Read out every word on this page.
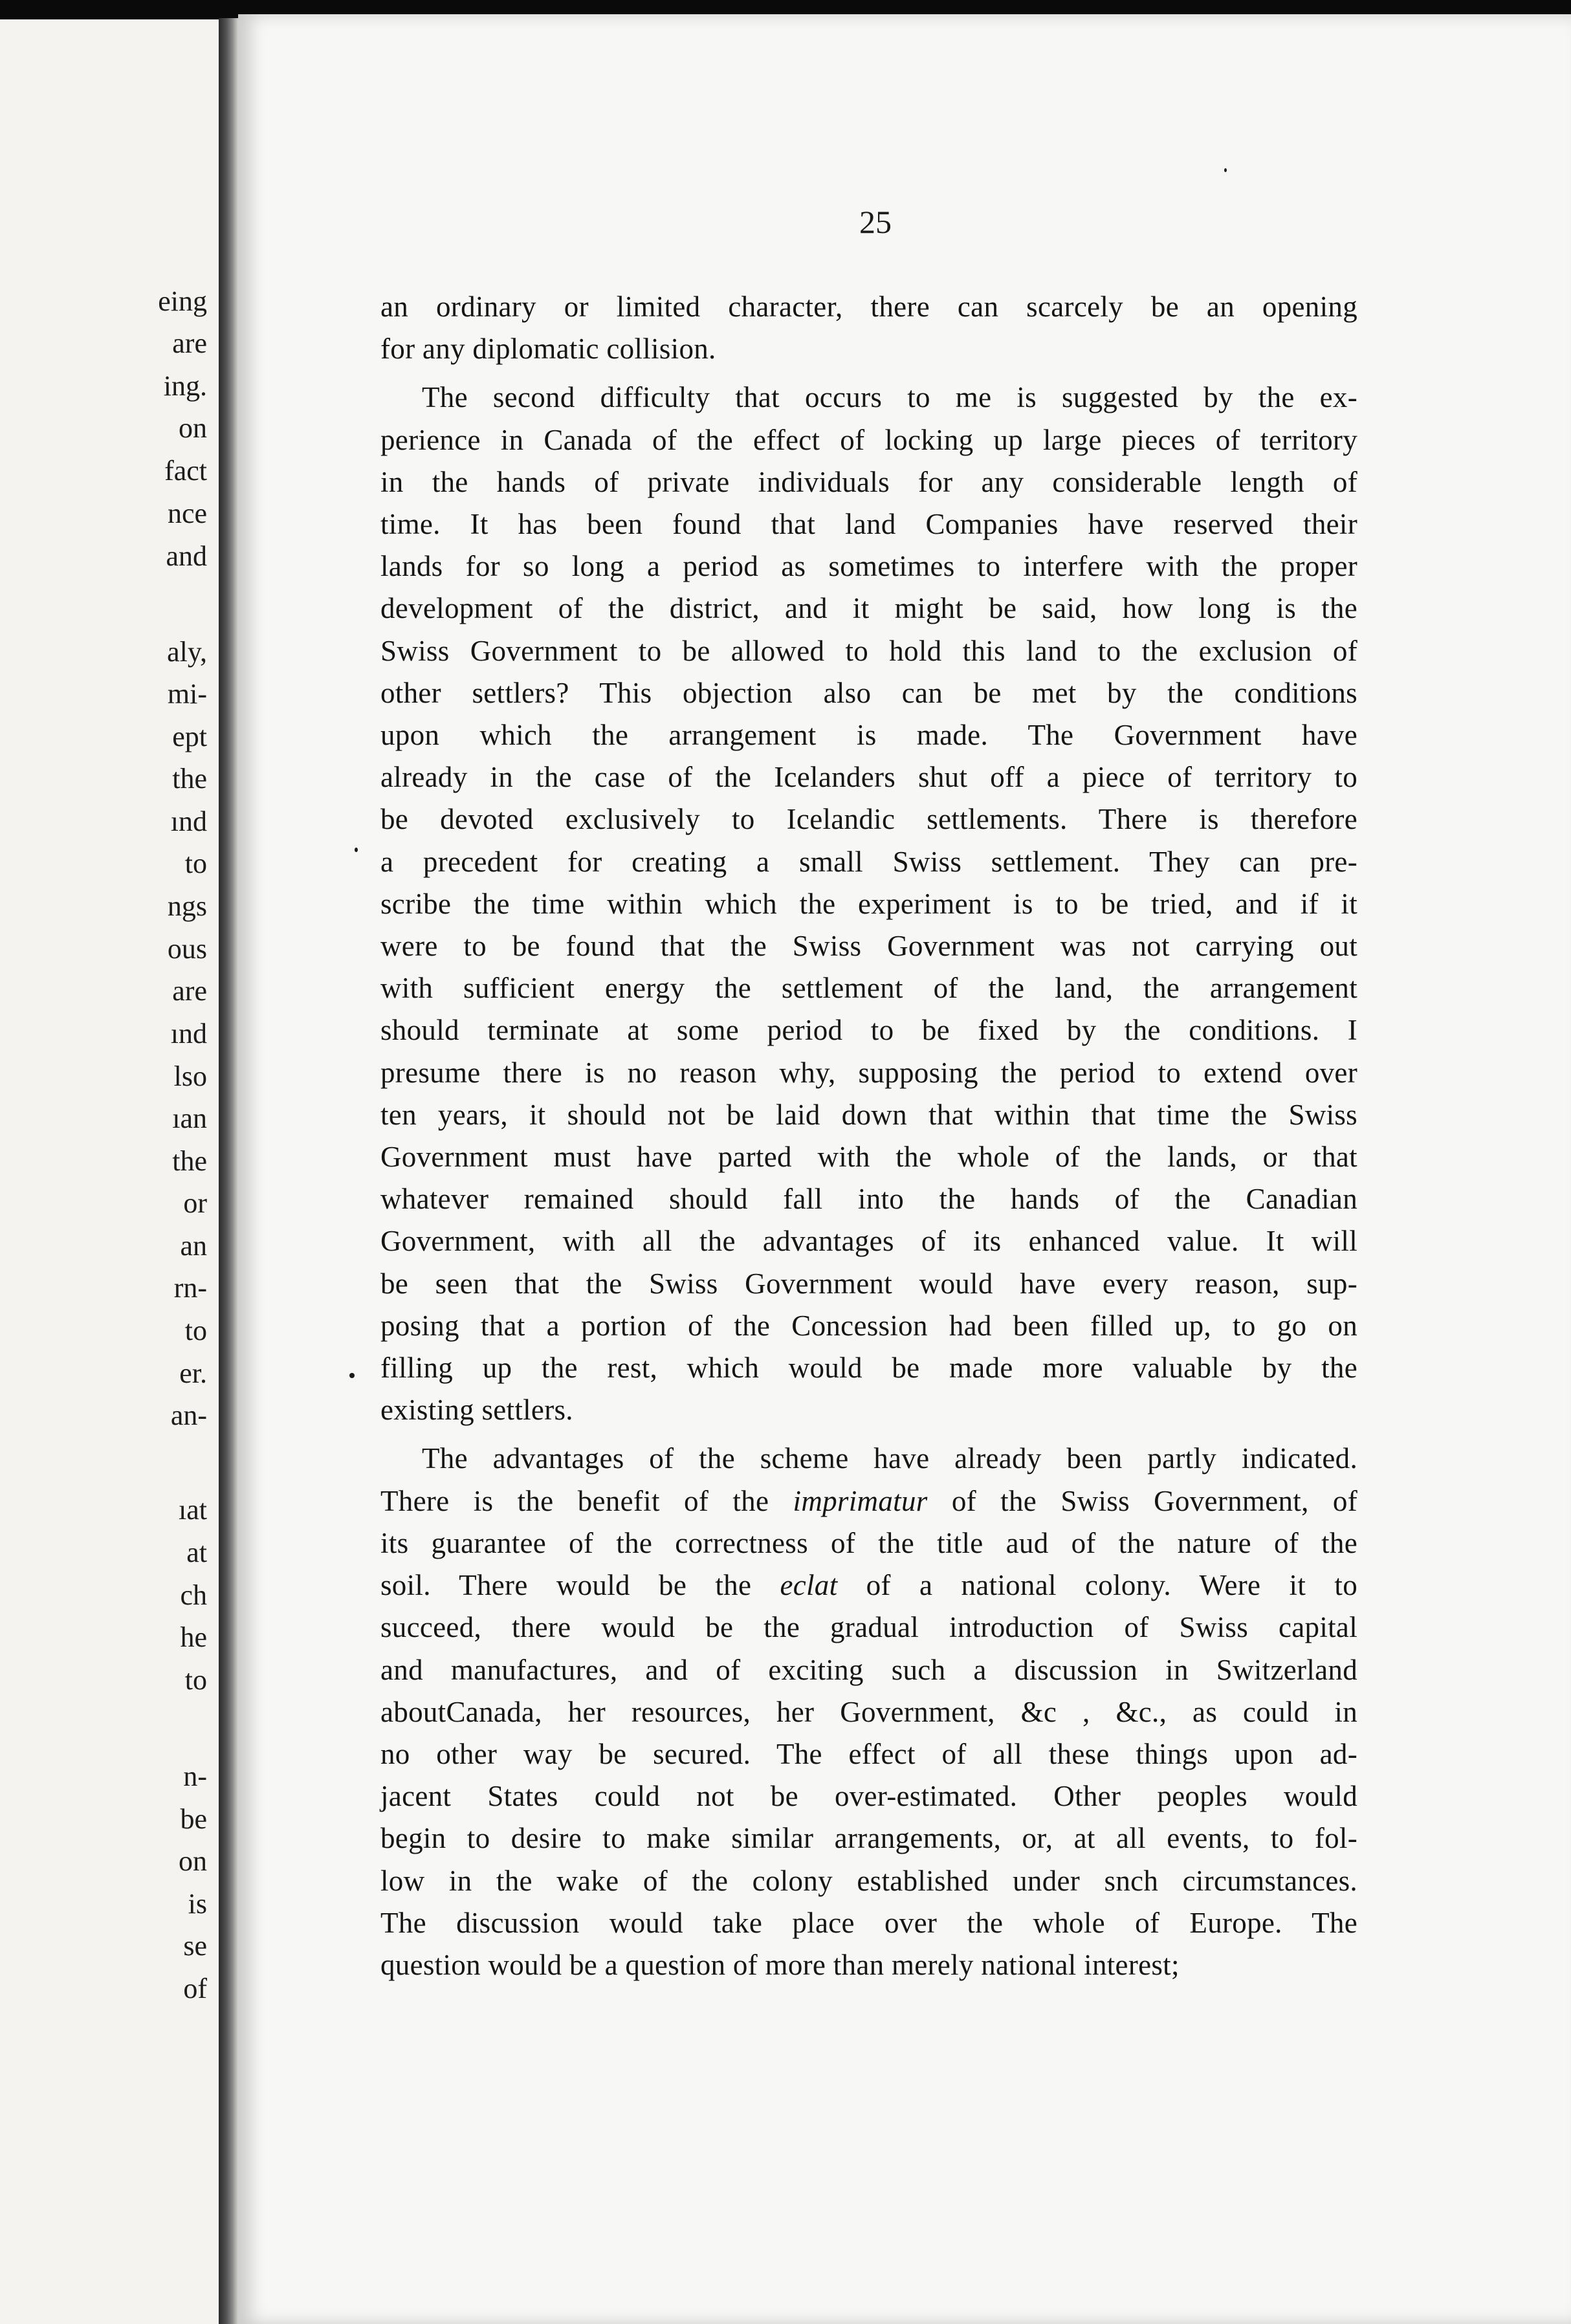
eing
are
ing.
on
fact
nce
and
aly,
mi-
ept
the
ınd
to
ngs
ous
are
ınd
lso
ıan
the
or
an
rn-
to
er.
an-
ıat
at
ch
he
to
n-
be
on
is
se
of
25
an ordinary or limited character, there can scarcely be an opening
for any diplomatic collision.
The second difficulty that occurs to me is suggested by the ex-
perience in Canada of the effect of locking up large pieces of territory
in the hands of private individuals for any considerable length of
time. It has been found that land Companies have reserved their
lands for so long a period as sometimes to interfere with the proper
development of the district, and it might be said, how long is the
Swiss Government to be allowed to hold this land to the exclusion of
other settlers? This objection also can be met by the conditions
upon which the arrangement is made. The Government have
already in the case of the Icelanders shut off a piece of territory to
be devoted exclusively to Icelandic settlements. There is therefore
a precedent for creating a small Swiss settlement. They can pre-
scribe the time within which the experiment is to be tried, and if it
were to be found that the Swiss Government was not carrying out
with sufficient energy the settlement of the land, the arrangement
should terminate at some period to be fixed by the conditions. I
presume there is no reason why, supposing the period to extend over
ten years, it should not be laid down that within that time the Swiss
Government must have parted with the whole of the lands, or that
whatever remained should fall into the hands of the Canadian
Government, with all the advantages of its enhanced value. It will
be seen that the Swiss Government would have every reason, sup-
posing that a portion of the Concession had been filled up, to go on
filling up the rest, which would be made more valuable by the
existing settlers.
The advantages of the scheme have already been partly indicated.
There is the benefit of the imprimatur of the Swiss Government, of
its guarantee of the correctness of the title aud of the nature of the
soil. There would be the eclat of a national colony. Were it to
succeed, there would be the gradual introduction of Swiss capital
and manufactures, and of exciting such a discussion in Switzerland
aboutCanada, her resources, her Government, &c , &c., as could in
no other way be secured. The effect of all these things upon ad-
jacent States could not be over-estimated. Other peoples would
begin to desire to make similar arrangements, or, at all events, to fol-
low in the wake of the colony established under snch circumstances.
The discussion would take place over the whole of Europe. The
question would be a question of more than merely national interest;
